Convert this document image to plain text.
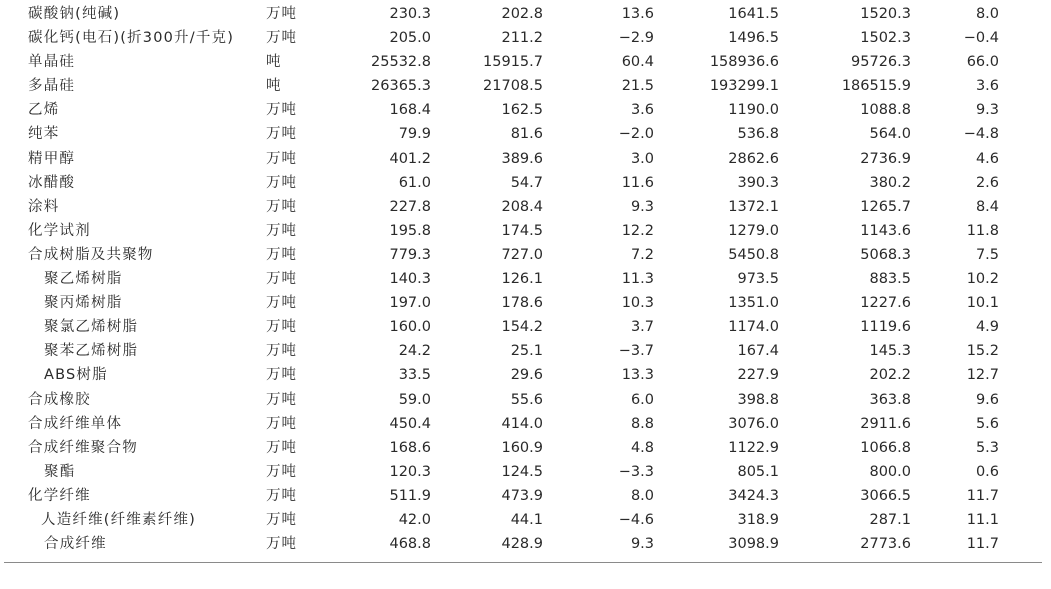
碳酸钠(纯碱)	万吨	230.3	202.8	13.6	1641.5	1520.3	8.0
碳化钙(电石)(折300升/千克) 万吨	205.0	211.2	−2.9	1496.5	1502.3	−0.4
单晶硅	吨	25532.8	15915.7	60.4	158936.6	95726.3	66.0
多晶硅	吨	26365.3	21708.5	21.5	193299.1	186515.9	3.6
乙烯	万吨	168.4	162.5	3.6	1190.0	1088.8	9.3
纯苯	万吨	79.9	81.6	−2.0	536.8	564.0	−4.8
精甲醇	万吨	401.2	389.6	3.0	2862.6	2736.9	4.6
冰醋酸	万吨	61.0	54.7	11.6	390.3	380.2	2.6
涂料	万吨	227.8	208.4	9.3	1372.1	1265.7	8.4
化学试剂	万吨	195.8	174.5	12.2	1279.0	1143.6	11.8
合成树脂及共聚物	万吨	779.3	727.0	7.2	5450.8	5068.3	7.5
聚乙烯树脂	万吨	140.3	126.1	11.3	973.5	883.5	10.2
聚丙烯树脂	万吨	197.0	178.6	10.3	1351.0	1227.6	10.1
聚氯乙烯树脂	万吨	160.0	154.2	3.7	1174.0	1119.6	4.9
聚苯乙烯树脂	万吨	24.2	25.1	−3.7	167.4	145.3	15.2
ABS树脂	万吨	33.5	29.6	13.3	227.9	202.2	12.7
合成橡胶	万吨	59.0	55.6	6.0	398.8	363.8	9.6
合成纤维单体	万吨	450.4	414.0	8.8	3076.0	2911.6	5.6
合成纤维聚合物	万吨	168.6	160.9	4.8	1122.9	1066.8	5.3
聚酯	万吨	120.3	124.5	−3.3	805.1	800.0	0.6
化学纤维	万吨	511.9	473.9	8.0	3424.3	3066.5	11.7
人造纤维(纤维素纤维)	万吨	42.0	44.1	−4.6	318.9	287.1	11.1
合成纤维	万吨	468.8	428.9	9.3	3098.9	2773.6	11.7
